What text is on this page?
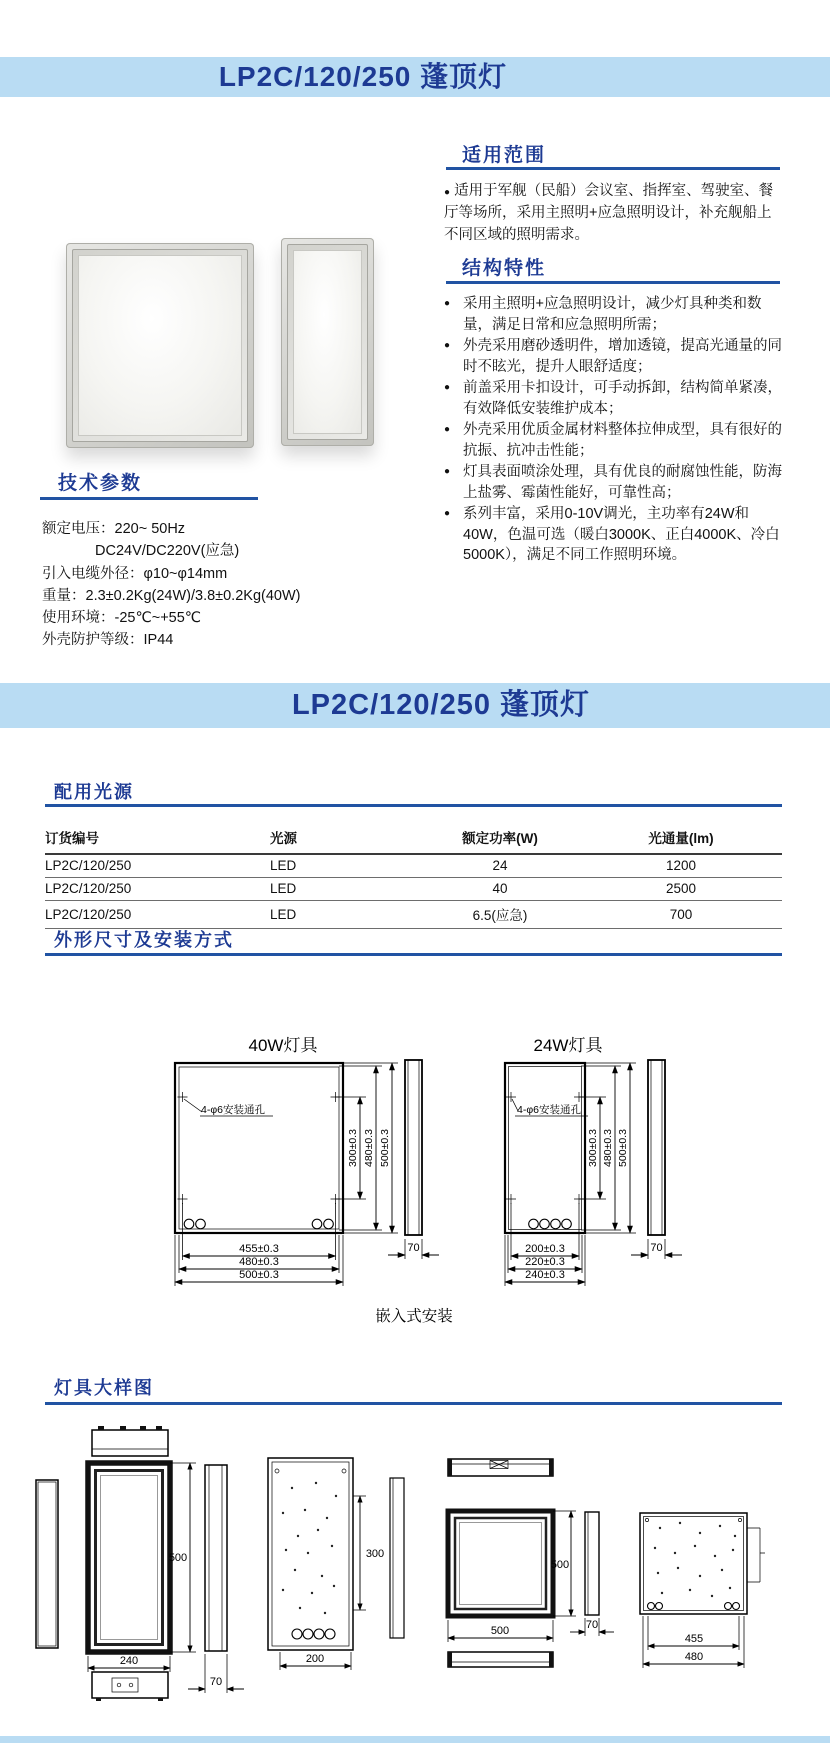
LP2C/120/250 蓬顶灯
适用范围
● 适用于军舰（民船）会议室、指挥室、驾驶室、餐厅等场所，采用主照明+应急照明设计，补充舰船上不同区域的照明需求。
结构特性
● 采用主照明+应急照明设计，减少灯具种类和数量，满足日常和应急照明所需；
● 外壳采用磨砂透明件，增加透镜，提高光通量的同时不眩光，提升人眼舒适度；
● 前盖采用卡扣设计，可手动拆卸，结构简单紧凑，有效降低安装维护成本；
● 外壳采用优质金属材料整体拉伸成型，具有很好的抗振、抗冲击性能；
● 灯具表面喷涂处理，具有优良的耐腐蚀性能，防海上盐雾、霉菌性能好，可靠性高；
● 系列丰富，采用0-10V调光，主功率有24W和40W，色温可选（暖白3000K、正白4000K、冷白5000K），满足不同工作照明环境。
技术参数
额定电压：220~ 50Hz
DC24V/DC220V(应急)
引入电缆外径：φ10~φ14mm
重量：2.3±0.2Kg(24W)/3.8±0.2Kg(40W)
使用环境：-25℃~+55℃
外壳防护等级：IP44
LP2C/120/250 蓬顶灯
配用光源
订货编号	光源	额定功率(W)	光通量(lm)
LP2C/120/250	LED	24	1200
LP2C/120/250	LED	40	2500
LP2C/120/250	LED	6.5(应急)	700
外形尺寸及安装方式
40W灯具
4-φ6安装通孔
300±0.3 480±0.3 500±0.3
455±0.3
480±0.3
500±0.3
70
24W灯具
4-φ6安装通孔
300±0.3 480±0.3 500±0.3
200±0.3
220±0.3
240±0.3
70
嵌入式安装
灯具大样图
500
240
70
300
200
500
500	70
455
480
